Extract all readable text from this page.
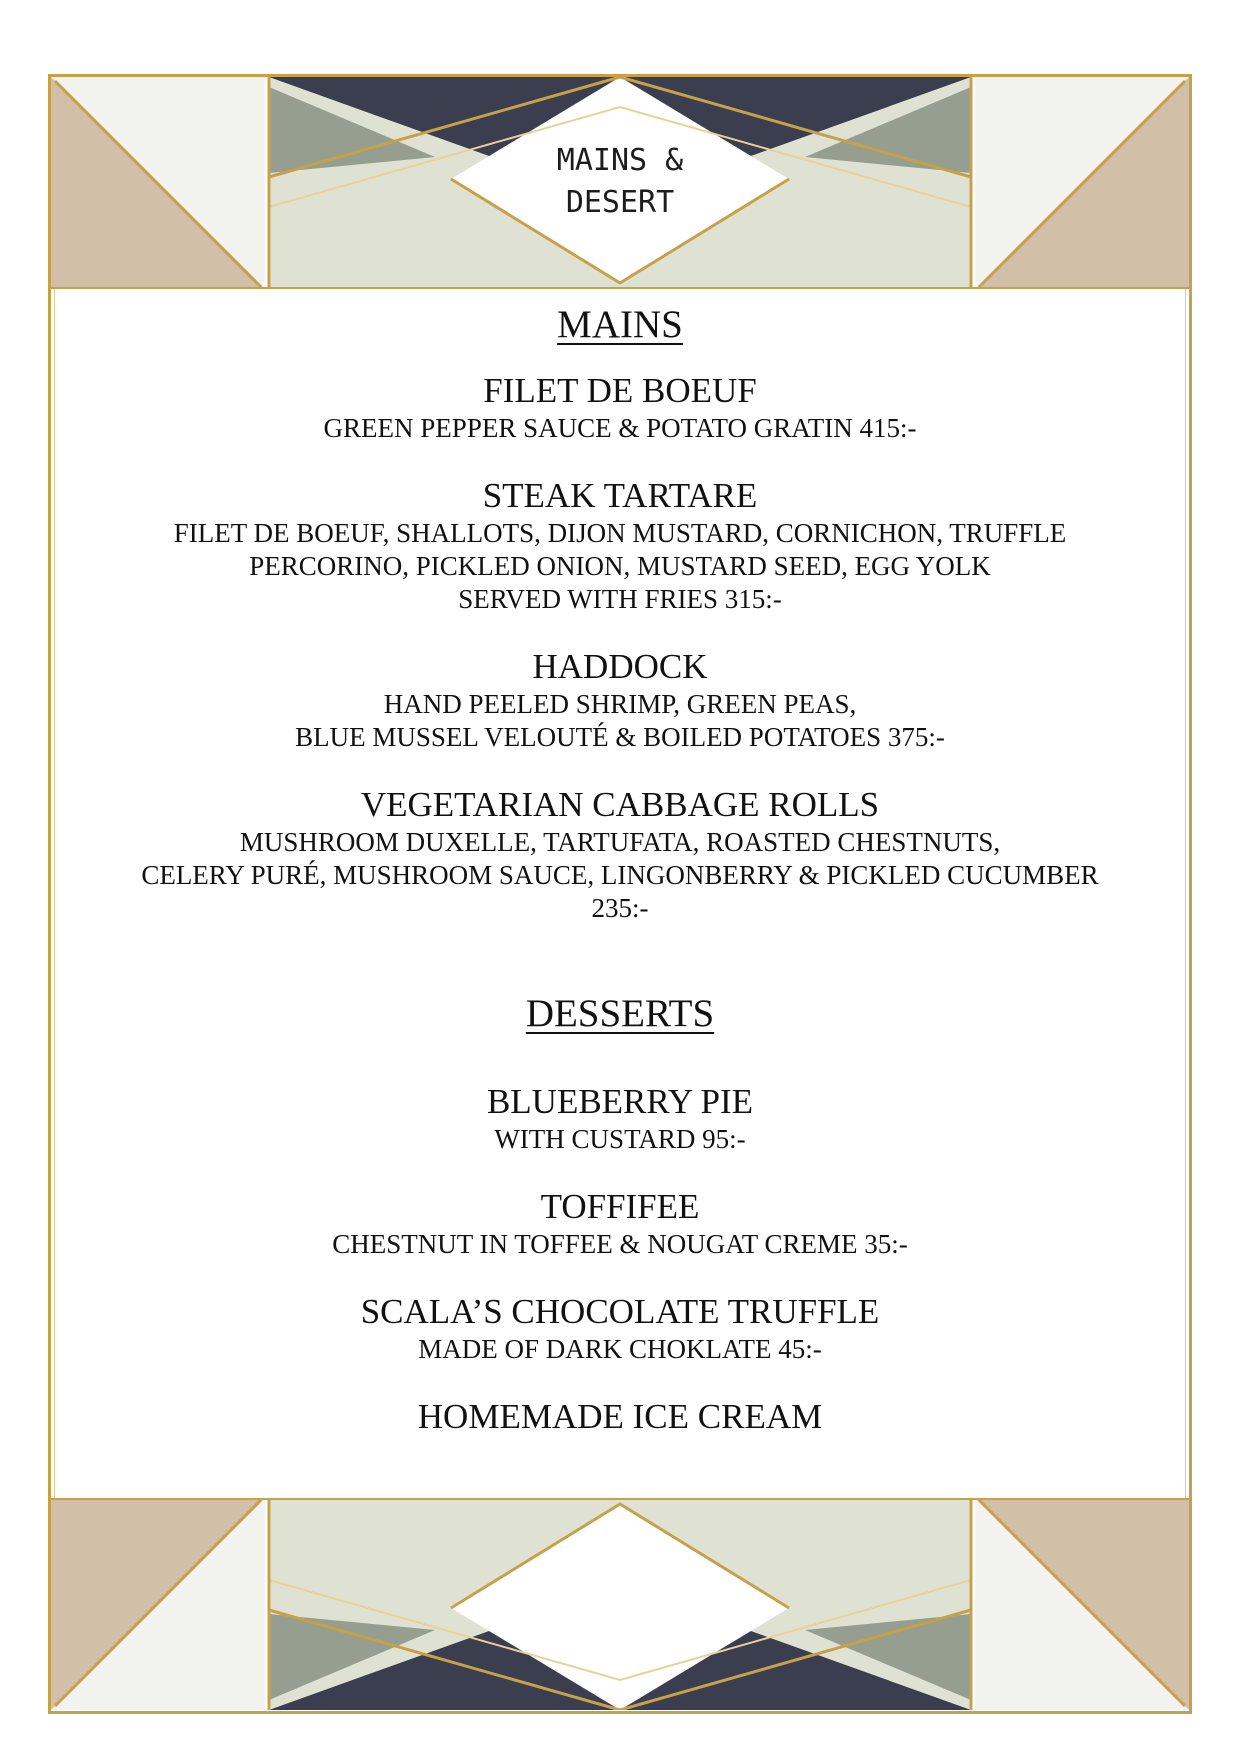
MAINS &
DESERT
MAINS

FILET DE BOEUF

GREEN PEPPER SAUCE & POTATO GRATIN 415:-

STEAK TARTARE

FILET DE BOEUF, SHALLOTS, DIJON MUSTARD, CORNICHON, TRUFFLE

PERCORINO, PICKLED ONION, MUSTARD SEED, EGG YOLK

SERVED WITH FRIES 315:-

HADDOCK

HAND PEELED SHRIMP, GREEN PEAS,

BLUE MUSSEL VELOUTÉ & BOILED POTATOES 375:-

VEGETARIAN CABBAGE ROLLS

MUSHROOM DUXELLE, TARTUFATA, ROASTED CHESTNUTS,

CELERY PURÉ, MUSHROOM SAUCE, LINGONBERRY & PICKLED CUCUMBER

235:-

DESSERTS

BLUEBERRY PIE

WITH CUSTARD 95:-

TOFFIFEE

CHESTNUT IN TOFFEE & NOUGAT CREME 35:-

SCALA’S CHOCOLATE TRUFFLE

MADE OF DARK CHOKLATE 45:-

HOMEMADE ICE CREAM
